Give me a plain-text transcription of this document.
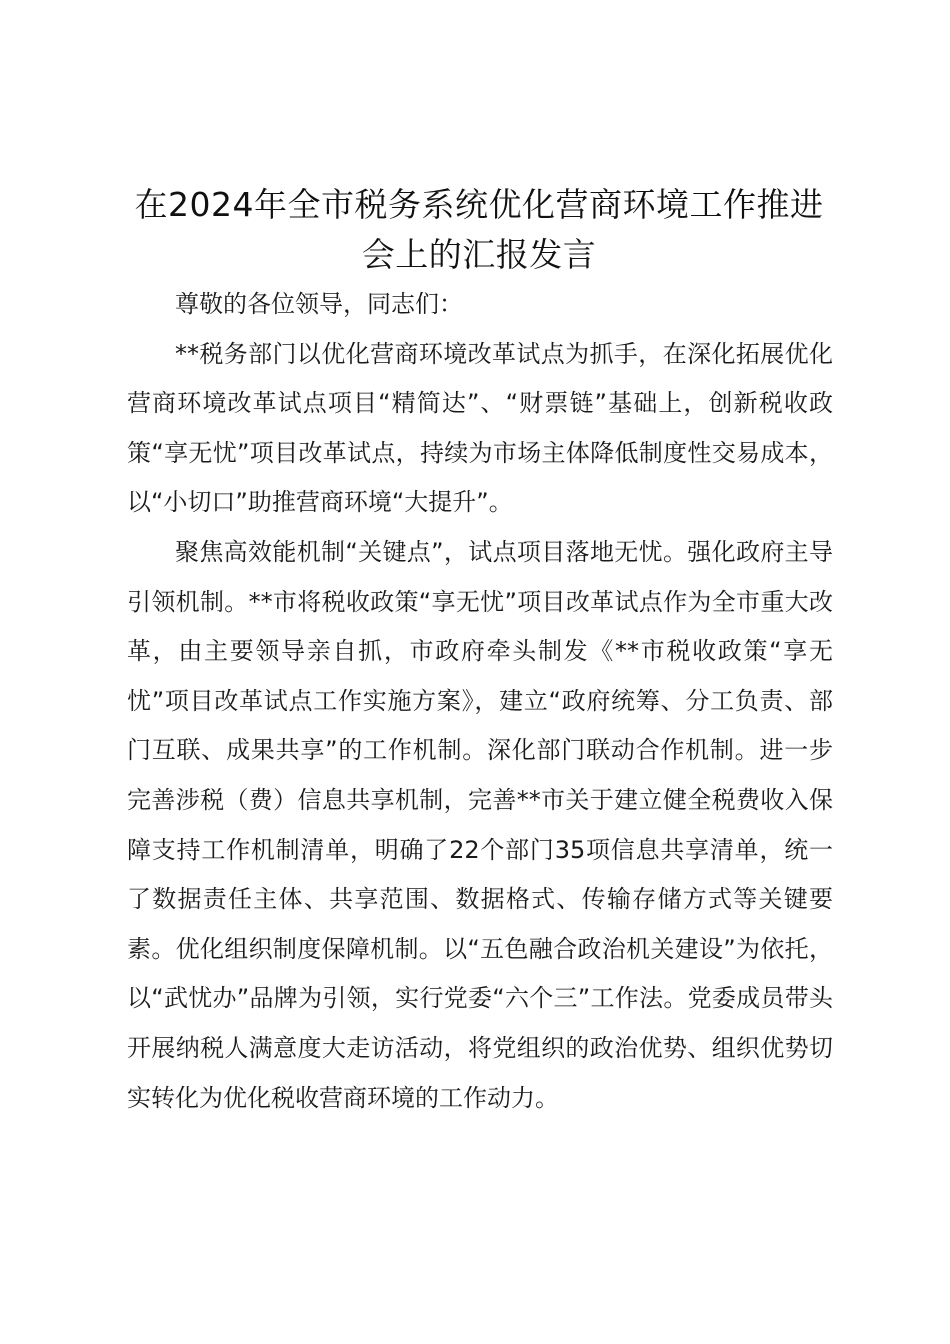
在2024年全市税务系统优化营商环境工作推进会上的汇报发言

尊敬的各位领导，同志们：

**税务部门以优化营商环境改革试点为抓手，在深化拓展优化营商环境改革试点项目“精简达”、“财票链”基础上，创新税收政策“享无忧”项目改革试点，持续为市场主体降低制度性交易成本，以“小切口”助推营商环境“大提升”。

聚焦高效能机制“关键点”，试点项目落地无忧。强化政府主导引领机制。**市将税收政策“享无忧”项目改革试点作为全市重大改革，由主要领导亲自抓，市政府牵头制发《**市税收政策“享无忧”项目改革试点工作实施方案》，建立“政府统筹、分工负责、部门互联、成果共享”的工作机制。深化部门联动合作机制。进一步完善涉税（费）信息共享机制，完善**市关于建立健全税费收入保障支持工作机制清单，明确了22个部门35项信息共享清单，统一了数据责任主体、共享范围、数据格式、传输存储方式等关键要素。优化组织制度保障机制。以“五色融合政治机关建设”为依托，以“武忧办”品牌为引领，实行党委“六个三”工作法。党委成员带头开展纳税人满意度大走访活动，将党组织的政治优势、组织优势切实转化为优化税收营商环境的工作动力。
